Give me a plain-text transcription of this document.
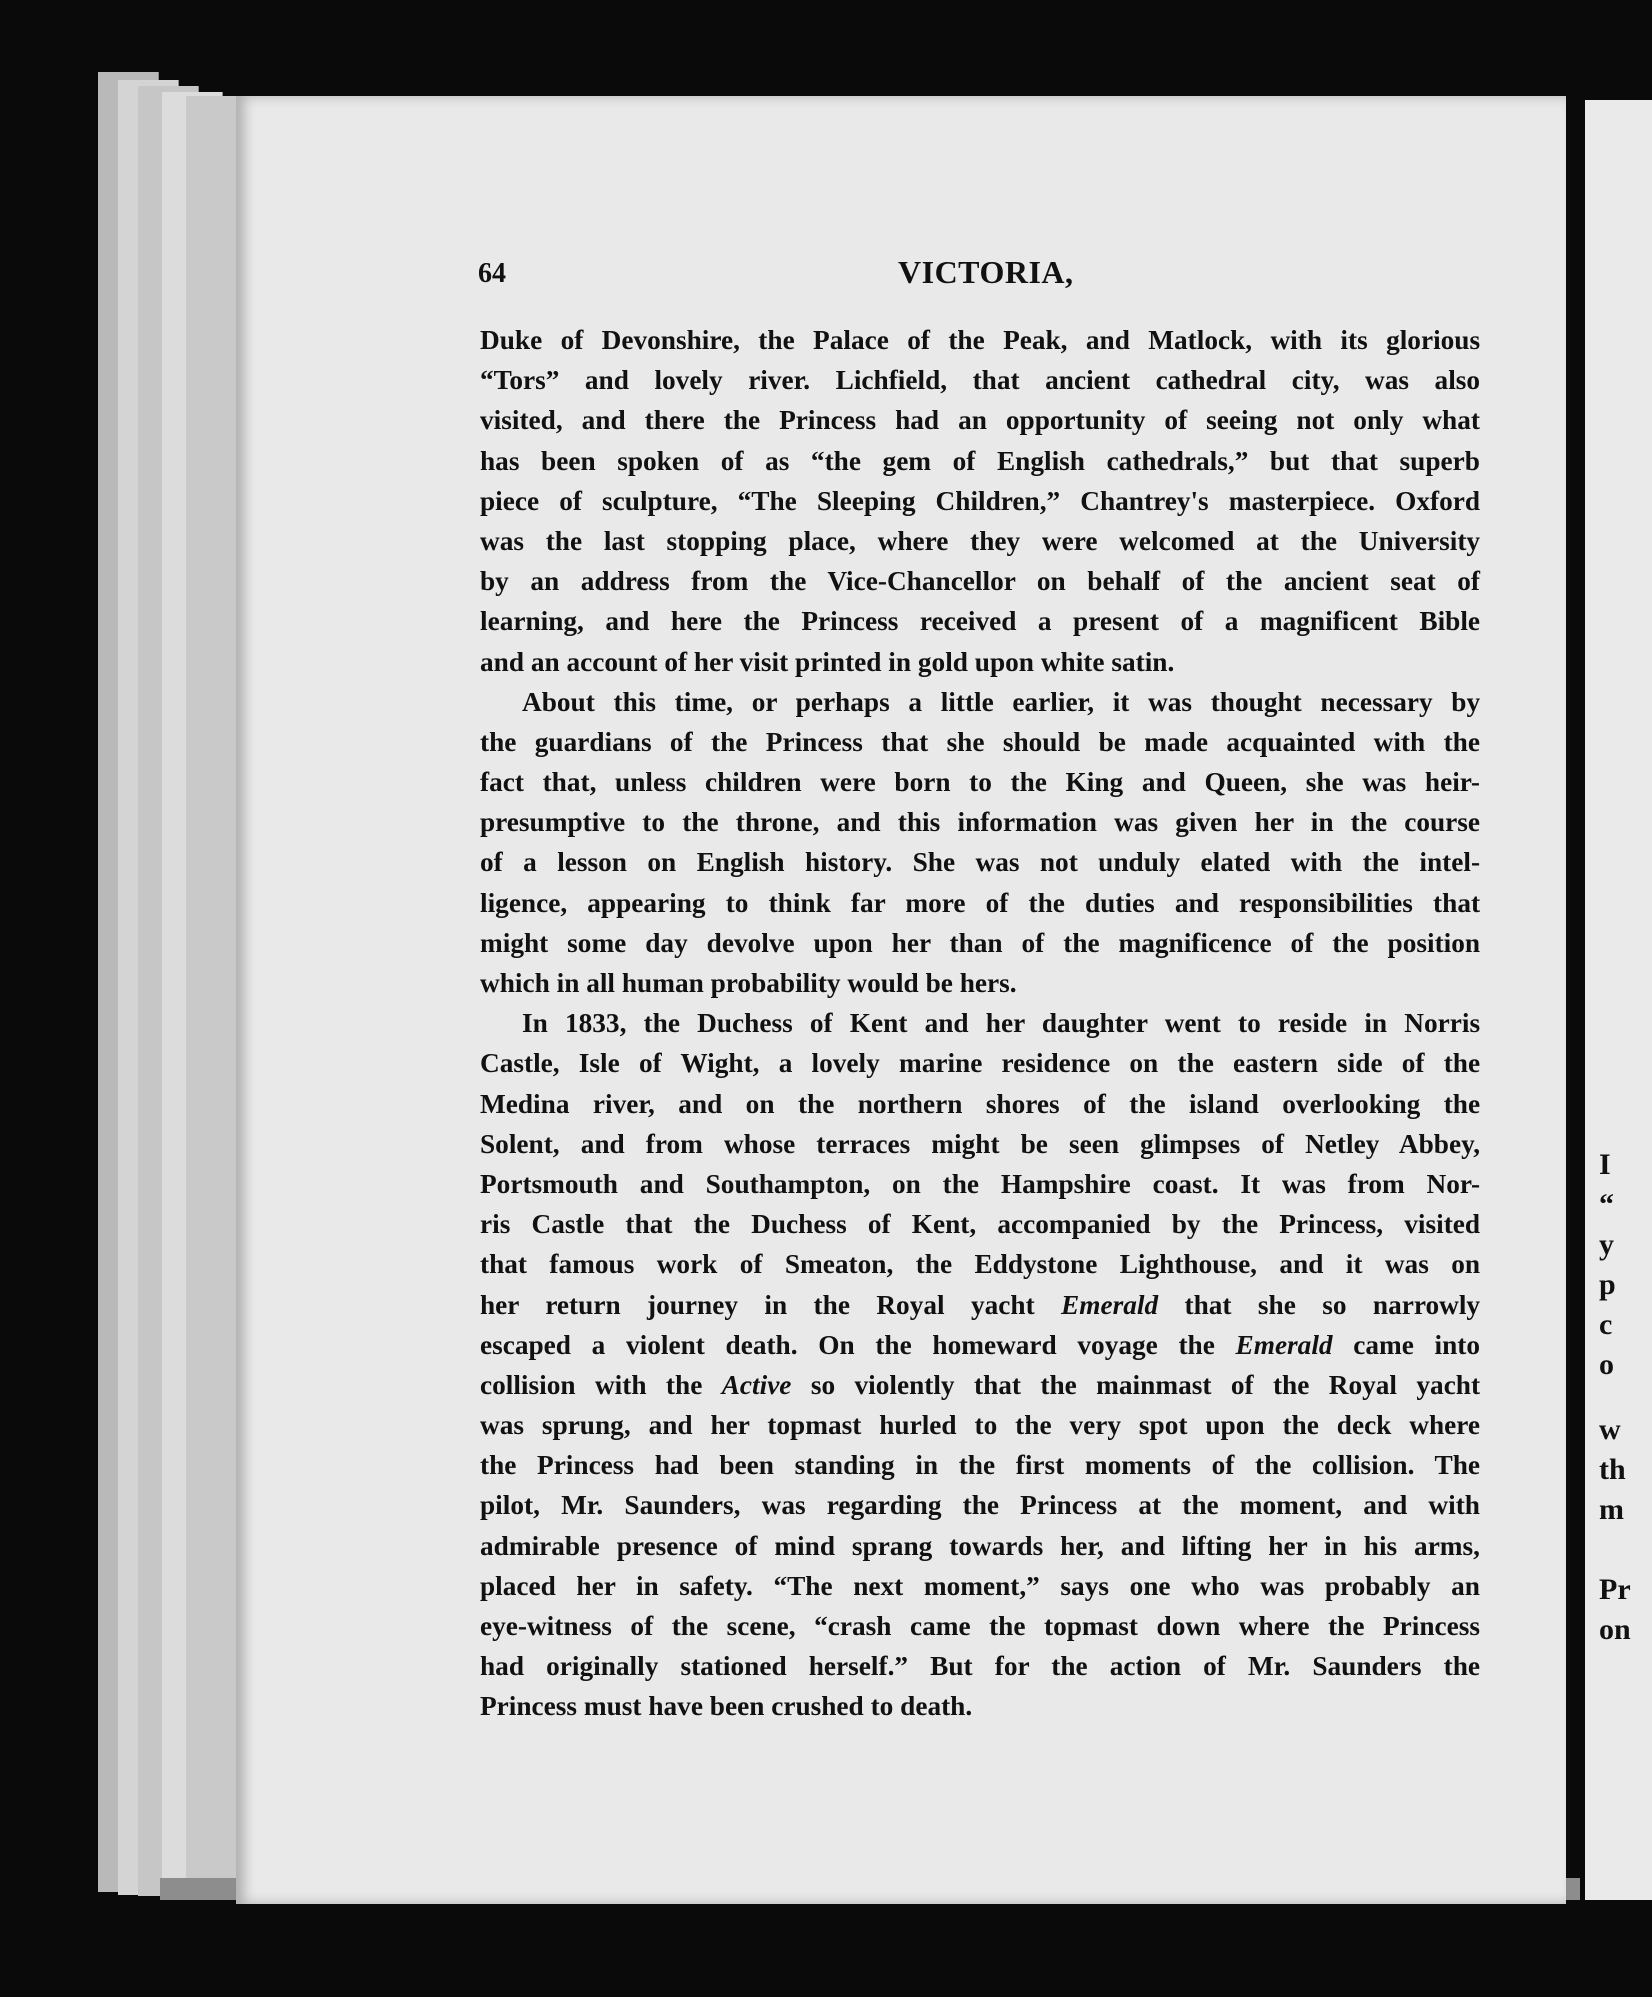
I
“
y
p
c
o
w
th
m
Pr
on
64	VICTORIA,
Duke of Devonshire, the Palace of the Peak, and Matlock, with its glorious
“Tors” and lovely river. Lichfield, that ancient cathedral city, was also
visited, and there the Princess had an opportunity of seeing not only what
has been spoken of as “the gem of English cathedrals,” but that superb
piece of sculpture, “The Sleeping Children,” Chantrey's masterpiece. Oxford
was the last stopping place, where they were welcomed at the University
by an address from the Vice-Chancellor on behalf of the ancient seat of
learning, and here the Princess received a present of a magnificent Bible
and an account of her visit printed in gold upon white satin.
About this time, or perhaps a little earlier, it was thought necessary by
the guardians of the Princess that she should be made acquainted with the
fact that, unless children were born to the King and Queen, she was heir-
presumptive to the throne, and this information was given her in the course
of a lesson on English history. She was not unduly elated with the intel-
ligence, appearing to think far more of the duties and responsibilities that
might some day devolve upon her than of the magnificence of the position
which in all human probability would be hers.
In 1833, the Duchess of Kent and her daughter went to reside in Norris
Castle, Isle of Wight, a lovely marine residence on the eastern side of the
Medina river, and on the northern shores of the island overlooking the
Solent, and from whose terraces might be seen glimpses of Netley Abbey,
Portsmouth and Southampton, on the Hampshire coast. It was from Nor-
ris Castle that the Duchess of Kent, accompanied by the Princess, visited
that famous work of Smeaton, the Eddystone Lighthouse, and it was on
her return journey in the Royal yacht Emerald that she so narrowly
escaped a violent death. On the homeward voyage the Emerald came into
collision with the Active so violently that the mainmast of the Royal yacht
was sprung, and her topmast hurled to the very spot upon the deck where
the Princess had been standing in the first moments of the collision. The
pilot, Mr. Saunders, was regarding the Princess at the moment, and with
admirable presence of mind sprang towards her, and lifting her in his arms,
placed her in safety. “The next moment,” says one who was probably an
eye-witness of the scene, “crash came the topmast down where the Princess
had originally stationed herself.” But for the action of Mr. Saunders the
Princess must have been crushed to death.
